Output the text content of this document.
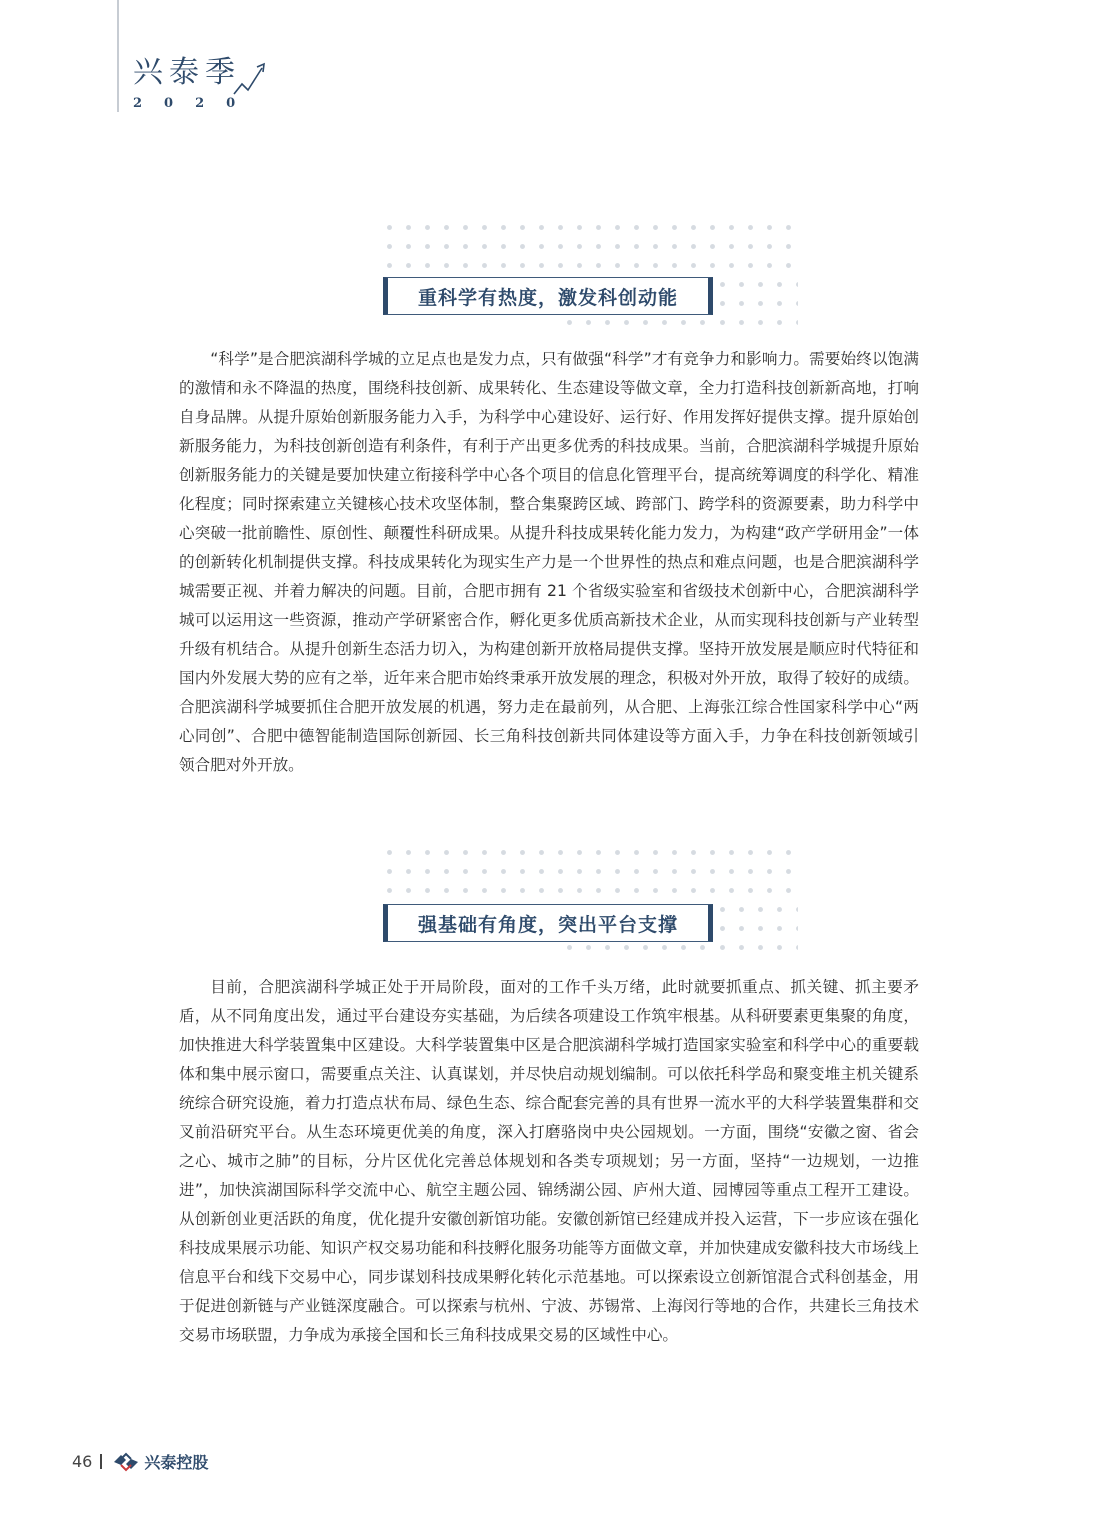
兴泰季
2020
重科学有热度，激发科创动能

“科学”是合肥滨湖科学城的立足点也是发力点，只有做强“科学”才有竞争力和影响力。需要始终以饱满的激情和永不降温的热度，围绕科技创新、成果转化、生态建设等做文章，全力打造科技创新新高地，打响自身品牌。从提升原始创新服务能力入手，为科学中心建设好、运行好、作用发挥好提供支撑。提升原始创新服务能力，为科技创新创造有利条件，有利于产出更多优秀的科技成果。当前，合肥滨湖科学城提升原始创新服务能力的关键是要加快建立衔接科学中心各个项目的信息化管理平台，提高统筹调度的科学化、精准化程度；同时探索建立关键核心技术攻坚体制，整合集聚跨区域、跨部门、跨学科的资源要素，助力科学中心突破一批前瞻性、原创性、颠覆性科研成果。从提升科技成果转化能力发力，为构建“政产学研用金”一体的创新转化机制提供支撑。科技成果转化为现实生产力是一个世界性的热点和难点问题，也是合肥滨湖科学城需要正视、并着力解决的问题。目前，合肥市拥有 21 个省级实验室和省级技术创新中心，合肥滨湖科学城可以运用这一些资源，推动产学研紧密合作，孵化更多优质高新技术企业，从而实现科技创新与产业转型升级有机结合。从提升创新生态活力切入，为构建创新开放格局提供支撑。坚持开放发展是顺应时代特征和国内外发展大势的应有之举，近年来合肥市始终秉承开放发展的理念，积极对外开放，取得了较好的成绩。合肥滨湖科学城要抓住合肥开放发展的机遇，努力走在最前列，从合肥、上海张江综合性国家科学中心“两心同创”、合肥中德智能制造国际创新园、长三角科技创新共同体建设等方面入手，力争在科技创新领域引领合肥对外开放。

强基础有角度，突出平台支撑

目前，合肥滨湖科学城正处于开局阶段，面对的工作千头万绪，此时就要抓重点、抓关键、抓主要矛盾，从不同角度出发，通过平台建设夯实基础，为后续各项建设工作筑牢根基。从科研要素更集聚的角度，加快推进大科学装置集中区建设。大科学装置集中区是合肥滨湖科学城打造国家实验室和科学中心的重要载体和集中展示窗口，需要重点关注、认真谋划，并尽快启动规划编制。可以依托科学岛和聚变堆主机关键系统综合研究设施，着力打造点状布局、绿色生态、综合配套完善的具有世界一流水平的大科学装置集群和交叉前沿研究平台。从生态环境更优美的角度，深入打磨骆岗中央公园规划。一方面，围绕“安徽之窗、省会之心、城市之肺”的目标，分片区优化完善总体规划和各类专项规划；另一方面，坚持“一边规划，一边推进”，加快滨湖国际科学交流中心、航空主题公园、锦绣湖公园、庐州大道、园博园等重点工程开工建设。从创新创业更活跃的角度，优化提升安徽创新馆功能。安徽创新馆已经建成并投入运营，下一步应该在强化科技成果展示功能、知识产权交易功能和科技孵化服务功能等方面做文章，并加快建成安徽科技大市场线上信息平台和线下交易中心，同步谋划科技成果孵化转化示范基地。可以探索设立创新馆混合式科创基金，用于促进创新链与产业链深度融合。可以探索与杭州、宁波、苏锡常、上海闵行等地的合作，共建长三角技术交易市场联盟，力争成为承接全国和长三角科技成果交易的区域性中心。

46	兴泰控股
